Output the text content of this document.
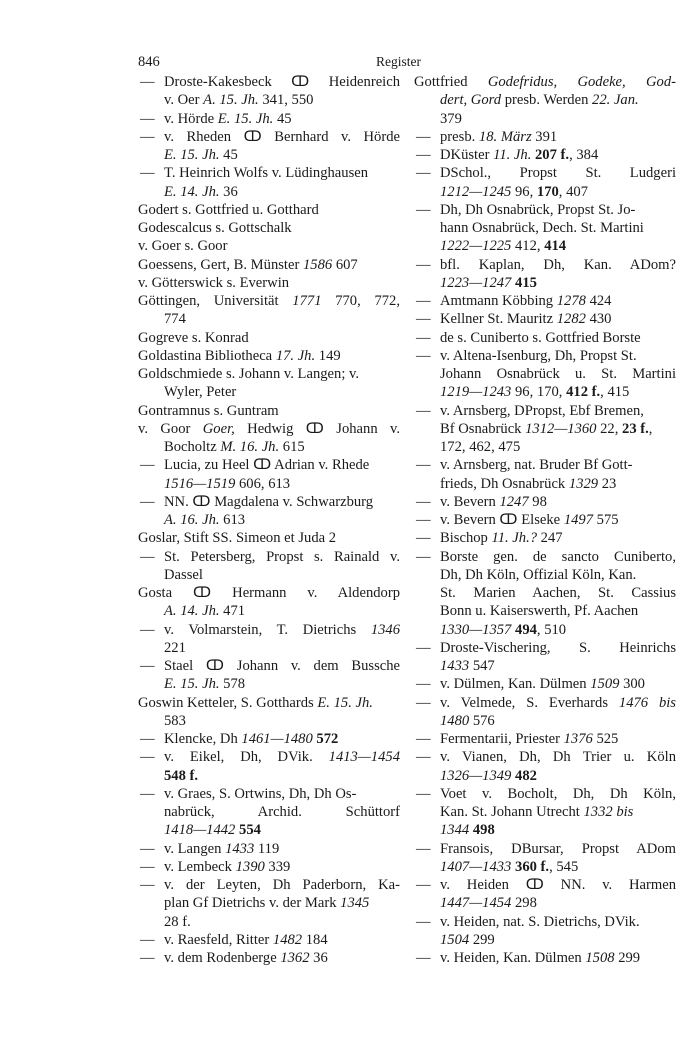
846	Register
— Droste-Kakesbeck ↀ Heidenreich
v. Oer A. 15. Jh. 341, 550
— v. Hörde E. 15. Jh. 45
— v. Rheden ↀ Bernhard v. Hörde
E. 15. Jh. 45
— T. Heinrich Wolfs v. Lüdinghausen
E. 14. Jh. 36
Godert s. Gottfried u. Gotthard
Godescalcus s. Gottschalk
v. Goer s. Goor
Goessens, Gert, B. Münster 1586 607
v. Götterswick s. Everwin
Göttingen, Universität 1771 770, 772,
774
Gogreve s. Konrad
Goldastina Bibliotheca 17. Jh. 149
Goldschmiede s. Johann v. Langen; v.
Wyler, Peter
Gontramnus s. Guntram
v. Goor Goer, Hedwig ↀ Johann v.
Bocholtz M. 16. Jh. 615
— Lucia, zu Heel ↀ Adrian v. Rhede
1516—1519 606, 613
— NN. ↀ Magdalena v. Schwarzburg
A. 16. Jh. 613
Goslar, Stift SS. Simeon et Juda 2
— St. Petersberg, Propst s. Rainald v.
Dassel
Gosta ↀ Hermann v. Aldendorp
A. 14. Jh. 471
— v. Volmarstein, T. Dietrichs 1346
221
— Stael ↀ Johann v. dem Bussche
E. 15. Jh. 578
Goswin Ketteler, S. Gotthards E. 15. Jh.
583
— Klencke, Dh 1461—1480 572
— v. Eikel, Dh, DVik. 1413—1454
548 f.
— v. Graes, S. Ortwins, Dh, Dh Os-
nabrück, Archid. Schüttorf
1418—1442 554
— v. Langen 1433 119
— v. Lembeck 1390 339
— v. der Leyten, Dh Paderborn, Ka-
plan Gf Dietrichs v. der Mark 1345
28 f.
— v. Raesfeld, Ritter 1482 184
— v. dem Rodenberge 1362 36
Gottfried Godefridus, Godeke, God-
dert, Gord presb. Werden 22. Jan.
379
— presb. 18. März 391
— DKüster 11. Jh. 207 f., 384
— DSchol., Propst St. Ludgeri
1212—1245 96, 170, 407
— Dh, Dh Osnabrück, Propst St. Jo-
hann Osnabrück, Dech. St. Martini
1222—1225 412, 414
— bfl. Kaplan, Dh, Kan. ADom?
1223—1247 415
— Amtmann Köbbing 1278 424
— Kellner St. Mauritz 1282 430
— de s. Cuniberto s. Gottfried Borste
— v. Altena-Isenburg, Dh, Propst St.
Johann Osnabrück u. St. Martini
1219—1243 96, 170, 412 f., 415
— v. Arnsberg, DPropst, Ebf Bremen,
Bf Osnabrück 1312—1360 22, 23 f.,
172, 462, 475
— v. Arnsberg, nat. Bruder Bf Gott-
frieds, Dh Osnabrück 1329 23
— v. Bevern 1247 98
— v. Bevern ↀ Elseke 1497 575
— Bischop 11. Jh.? 247
— Borste gen. de sancto Cuniberto,
Dh, Dh Köln, Offizial Köln, Kan.
St. Marien Aachen, St. Cassius
Bonn u. Kaiserswerth, Pf. Aachen
1330—1357 494, 510
— Droste-Vischering, S. Heinrichs
1433 547
— v. Dülmen, Kan. Dülmen 1509 300
— v. Velmede, S. Everhards 1476 bis
1480 576
— Fermentarii, Priester 1376 525
— v. Vianen, Dh, Dh Trier u. Köln
1326—1349 482
— Voet v. Bocholt, Dh, Dh Köln,
Kan. St. Johann Utrecht 1332 bis
1344 498
— Fransois, DBursar, Propst ADom
1407—1433 360 f., 545
— v. Heiden ↀ NN. v. Harmen
1447—1454 298
— v. Heiden, nat. S. Dietrichs, DVik.
1504 299
— v. Heiden, Kan. Dülmen 1508 299
